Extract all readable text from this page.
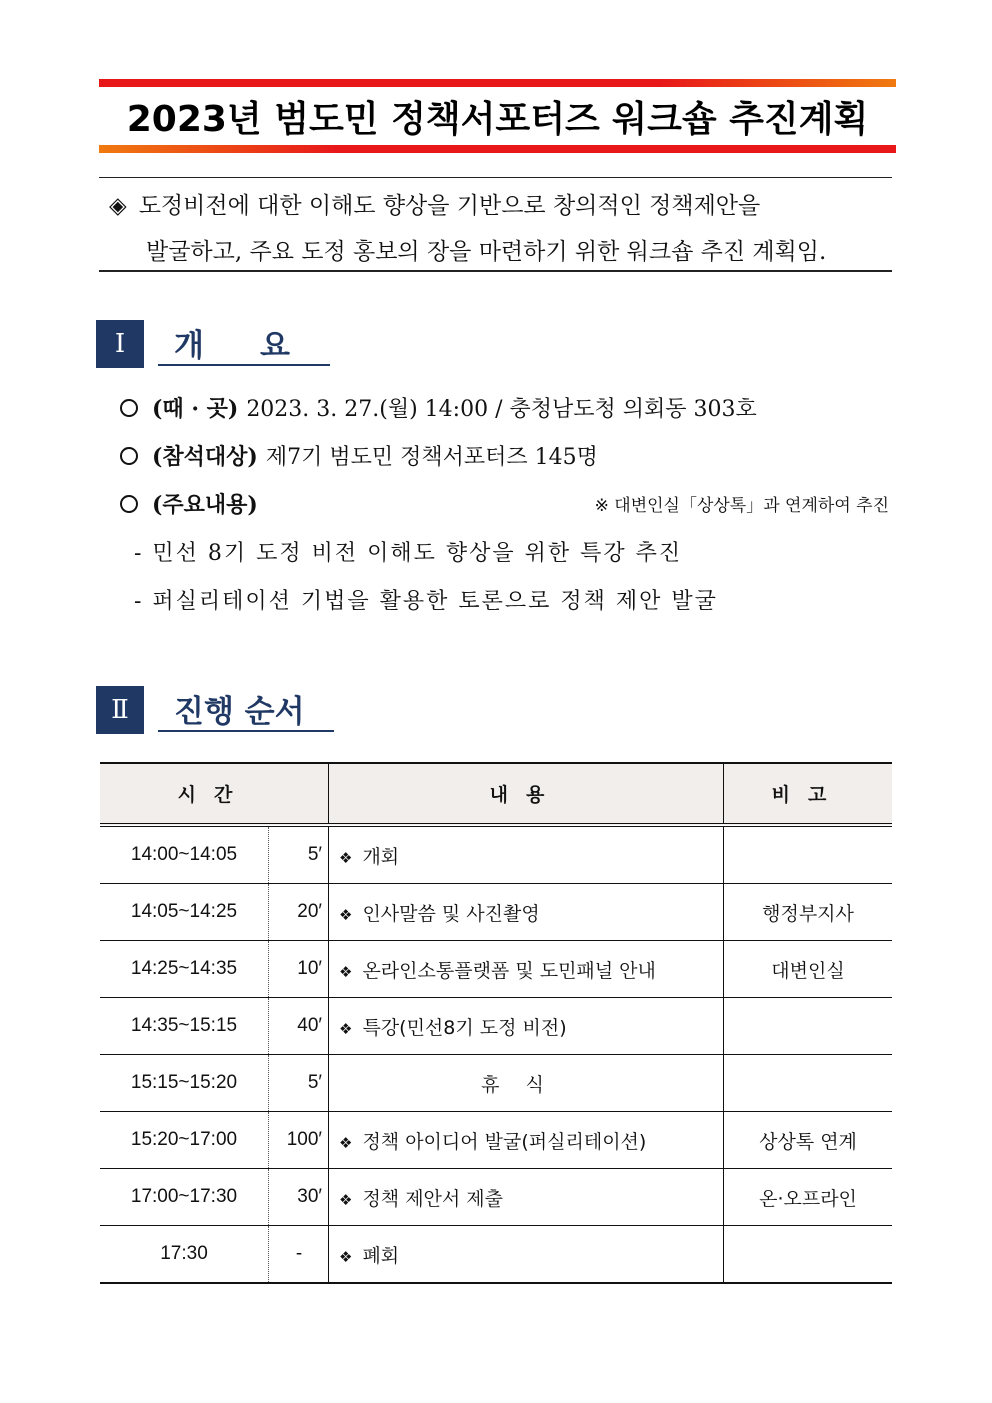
2023년 범도민 정책서포터즈 워크숍 추진계획
◈ 도정비전에 대한 이해도 향상을 기반으로 창의적인 정책제안을
발굴하고, 주요 도정 홍보의 장을 마련하기 위한 워크숍 추진 계획임.
Ⅰ	개요
(때 · 곳) 2023. 3. 27.(월) 14:00 / 충청남도청 의회동 303호
(참석대상) 제7기 범도민 정책서포터즈 145명
(주요내용)	※ 대변인실「상상톡」과 연계하여 추진
- 민선 8기 도정 비전 이해도 향상을 위한 특강 추진
- 퍼실리테이션 기법을 활용한 토론으로 정책 제안 발굴
Ⅱ	진행 순서
시간		내용	비고
14:00~14:05	5′	❖ 개회	
14:05~14:25	20′	❖ 인사말씀 및 사진촬영	행정부지사
14:25~14:35	10′	❖ 온라인소통플랫폼 및 도민패널 안내	대변인실
14:35~15:15	40′	❖ 특강(민선8기 도정 비전)	
15:15~15:20	5′	휴식	
15:20~17:00	100′	❖ 정책 아이디어 발굴(퍼실리테이션)	상상톡 연계
17:00~17:30	30′	❖ 정책 제안서 제출	온·오프라인
17:30	-	❖ 폐회	
